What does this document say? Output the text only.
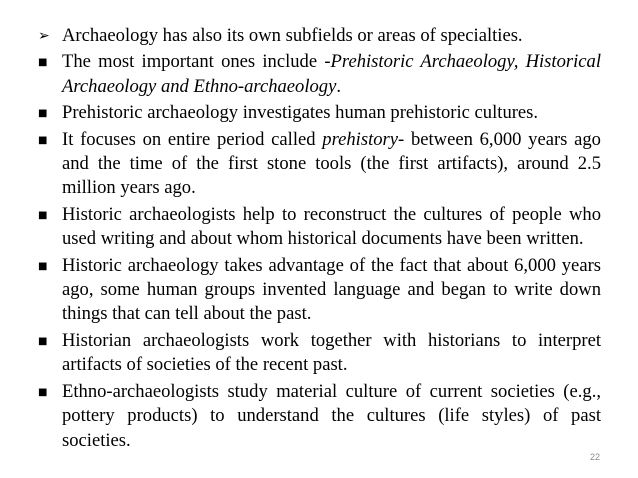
➢ Archaeology has also its own subfields or areas of specialties.
■ The most important ones include -Prehistoric Archaeology, Historical Archaeology and Ethno-archaeology.
■ Prehistoric archaeology investigates human prehistoric cultures.
■ It focuses on entire period called prehistory- between 6,000 years ago and the time of the first stone tools (the first artifacts), around 2.5 million years ago.
■ Historic archaeologists help to reconstruct the cultures of people who used writing and about whom historical documents have been written.
■ Historic archaeology takes advantage of the fact that about 6,000 years ago, some human groups invented language and began to write down things that can tell about the past.
■ Historian archaeologists work together with historians to interpret artifacts of societies of the recent past.
■ Ethno-archaeologists study material culture of current societies (e.g., pottery products) to understand the cultures (life styles) of past societies.
22
